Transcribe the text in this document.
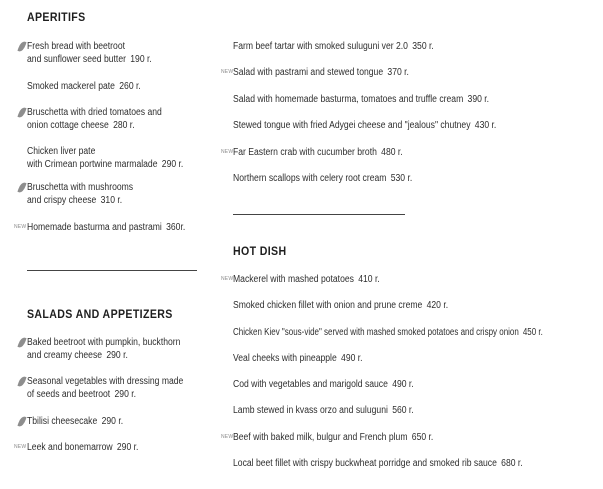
APERITIFS
Fresh bread with beetroot
and sunflower seed butter 190 r.
Smoked mackerel pate 260 r.
Bruschetta with dried tomatoes and
onion cottage cheese 280 r.
Chicken liver pate
with Crimean portwine marmalade 290 r.
Bruschetta with mushrooms
and crispy cheese 310 r.
NEW Homemade basturma and pastrami 360r.
SALADS AND APPETIZERS
Baked beetroot with pumpkin, buckthorn
and creamy cheese 290 r.
Seasonal vegetables with dressing made
of seeds and beetroot 290 r.
Tbilisi cheesecake 290 r.
NEW Leek and bonemarrow 290 r.
Farm beef tartar with smoked suluguni ver 2.0 350 r.
NEW Salad with pastrami and stewed tongue 370 r.
Salad with homemade basturma, tomatoes and truffle cream 390 r.
Stewed tongue with fried Adygei cheese and "jealous" chutney 430 r.
NEW Far Eastern crab with cucumber broth 480 r.
Northern scallops with celery root cream 530 r.
HOT DISH
NEW Mackerel with mashed potatoes 410 r.
Smoked chicken fillet with onion and prune creme 420 r.
Chicken Kiev "sous-vide" served with mashed smoked potatoes and crispy onion 450 r.
Veal cheeks with pineapple 490 r.
Cod with vegetables and marigold sauce 490 r.
Lamb stewed in kvass orzo and suluguni 560 r.
NEW Beef with baked milk, bulgur and French plum 650 r.
Local beet fillet with crispy buckwheat porridge and smoked rib sauce 680 r.
